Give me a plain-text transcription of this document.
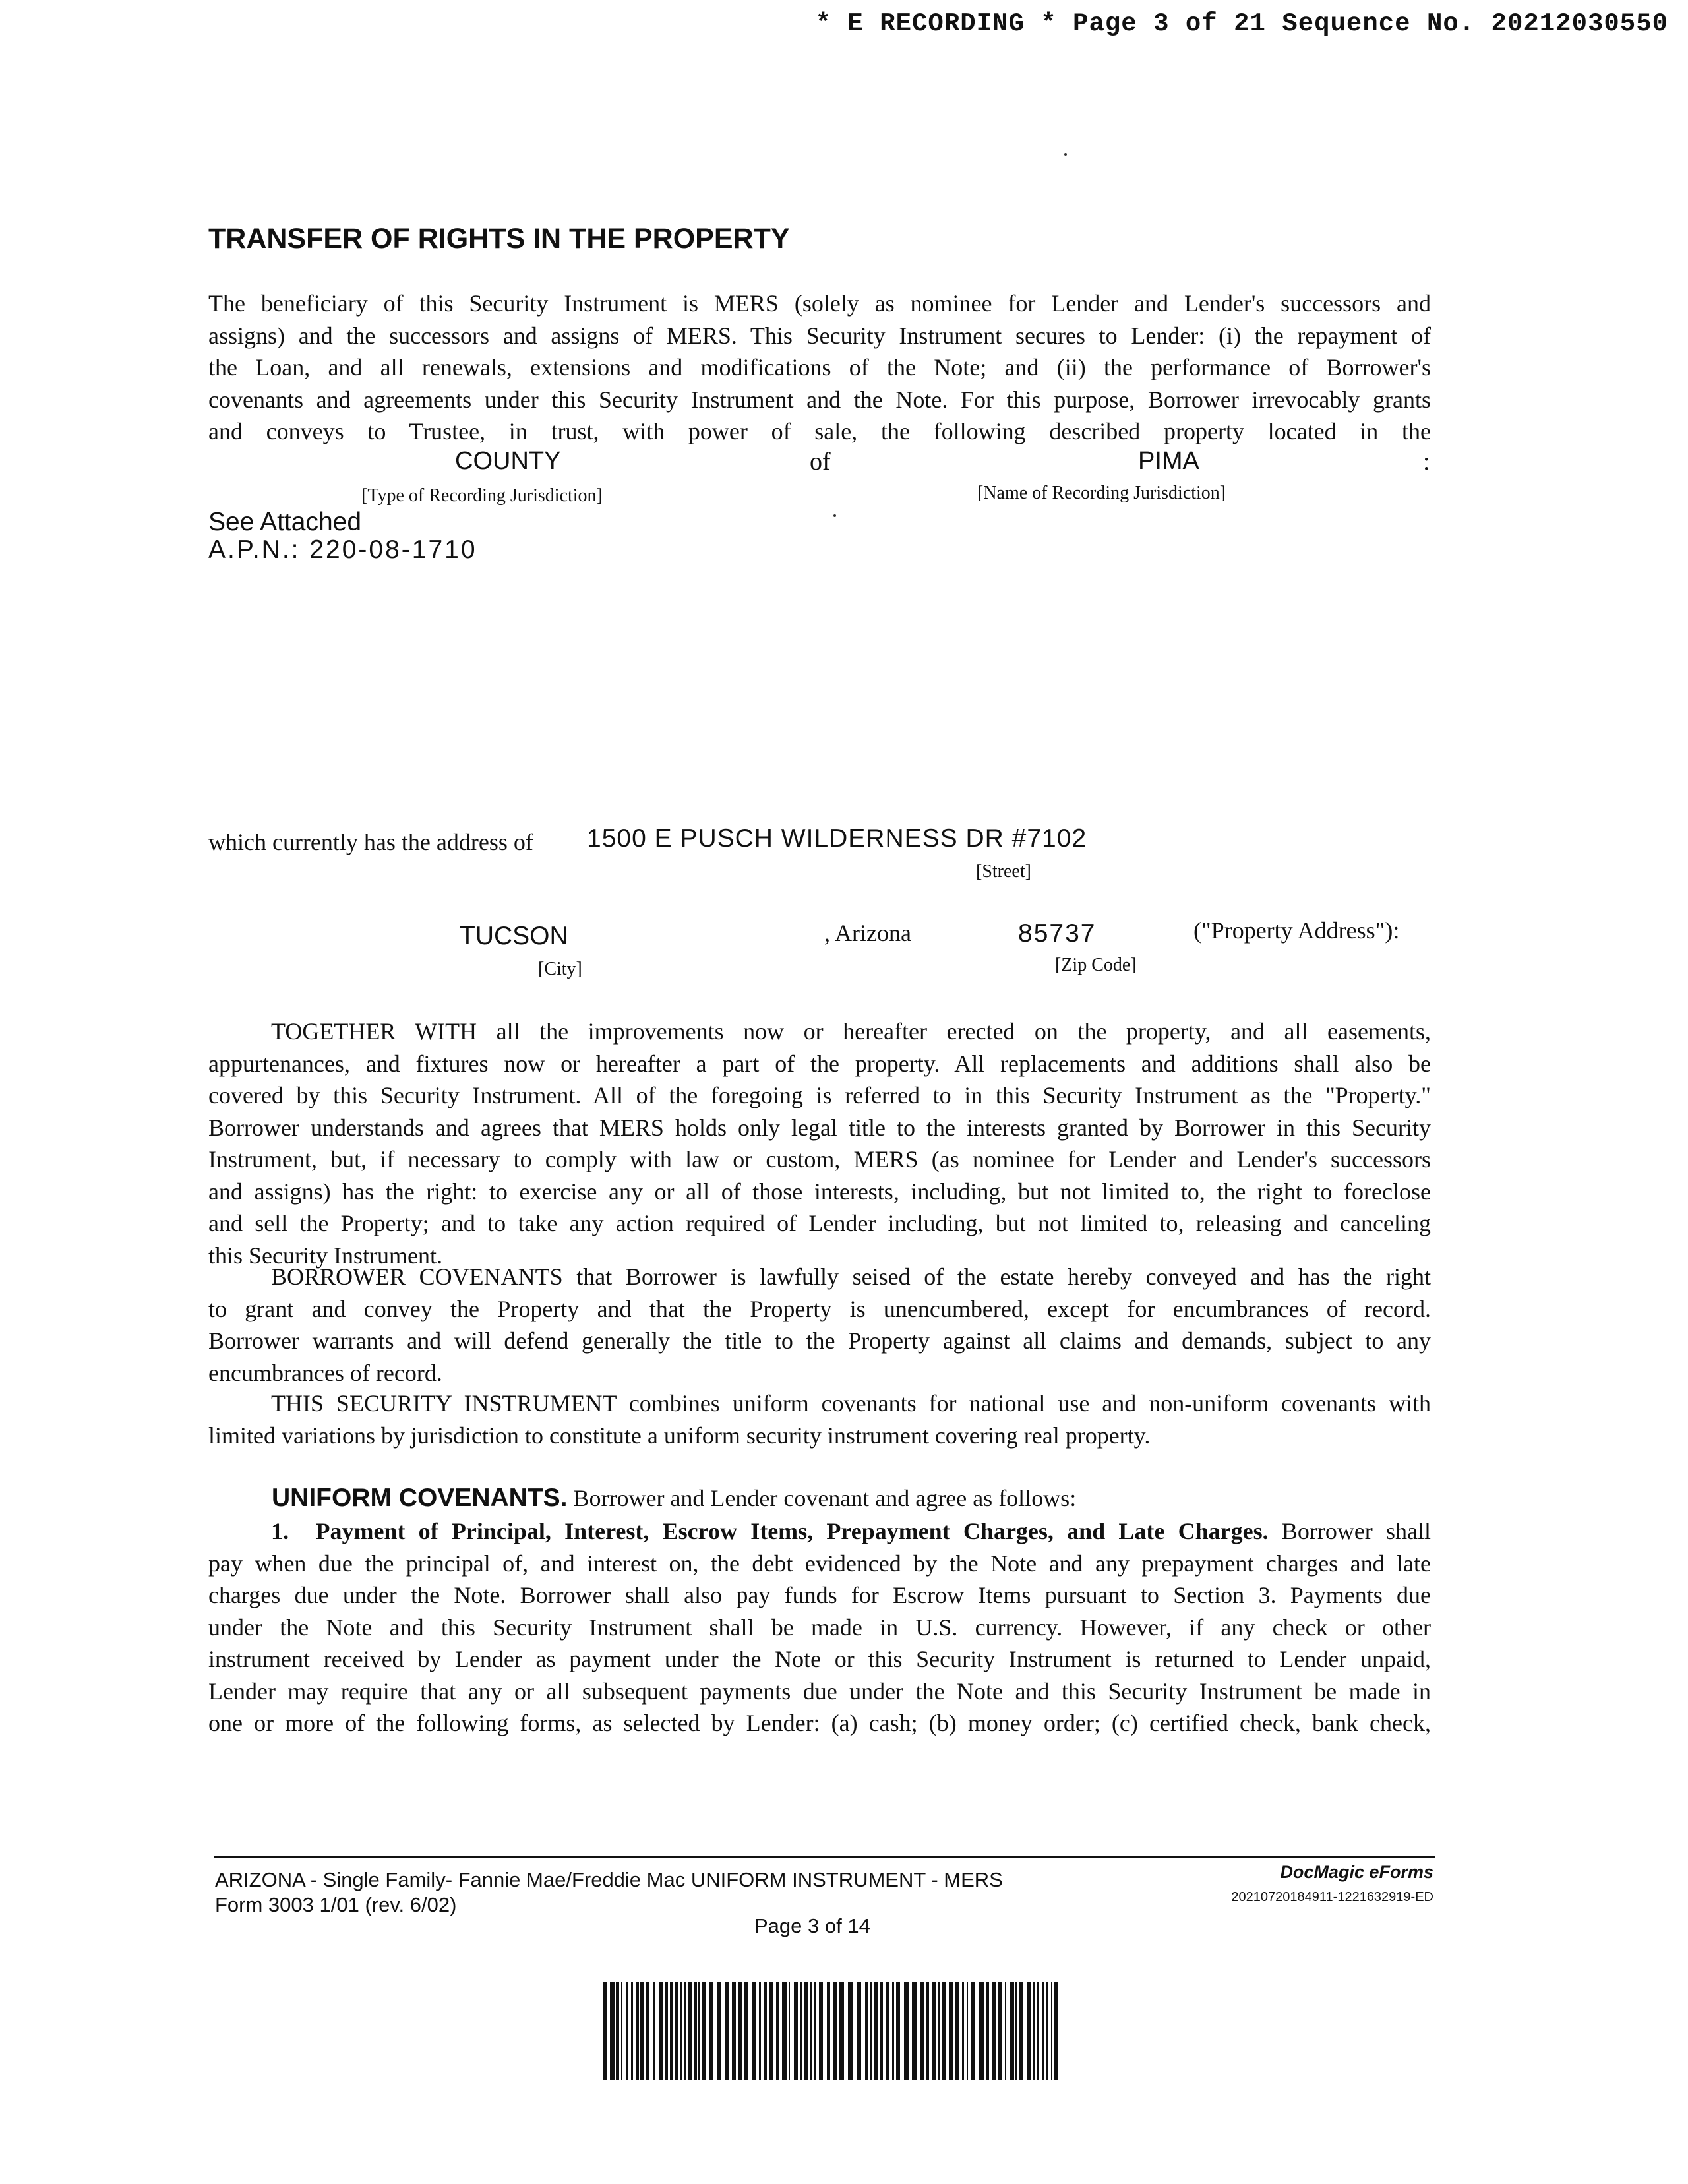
* E RECORDING * Page 3 of 21 Sequence No. 20212030550
TRANSFER OF RIGHTS IN THE PROPERTY
The beneficiary of this Security Instrument is MERS (solely as nominee for Lender and Lender's successors and
assigns) and the successors and assigns of MERS. This Security Instrument secures to Lender: (i) the repayment of
the Loan, and all renewals, extensions and modifications of the Note; and (ii) the performance of Borrower's
covenants and agreements under this Security Instrument and the Note. For this purpose, Borrower irrevocably grants
and conveys to Trustee, in trust, with power of sale, the following described property located in the
COUNTY	of	PIMA	:
[Type of Recording Jurisdiction]	[Name of Recording Jurisdiction]
See Attached
A.P.N.: 220-08-1710
which currently has the address of 1500 E PUSCH WILDERNESS DR #7102
[Street]
TUCSON	, Arizona	85737	("Property Address"):
[City]	[Zip Code]
TOGETHER WITH all the improvements now or hereafter erected on the property, and all easements,
appurtenances, and fixtures now or hereafter a part of the property. All replacements and additions shall also be
covered by this Security Instrument. All of the foregoing is referred to in this Security Instrument as the "Property."
Borrower understands and agrees that MERS holds only legal title to the interests granted by Borrower in this Security
Instrument, but, if necessary to comply with law or custom, MERS (as nominee for Lender and Lender's successors
and assigns) has the right: to exercise any or all of those interests, including, but not limited to, the right to foreclose
and sell the Property; and to take any action required of Lender including, but not limited to, releasing and canceling
this Security Instrument.
BORROWER COVENANTS that Borrower is lawfully seised of the estate hereby conveyed and has the right
to grant and convey the Property and that the Property is unencumbered, except for encumbrances of record.
Borrower warrants and will defend generally the title to the Property against all claims and demands, subject to any
encumbrances of record.
THIS SECURITY INSTRUMENT combines uniform covenants for national use and non-uniform covenants with
limited variations by jurisdiction to constitute a uniform security instrument covering real property.
UNIFORM COVENANTS. Borrower and Lender covenant and agree as follows:
1. Payment of Principal, Interest, Escrow Items, Prepayment Charges, and Late Charges. Borrower shall
pay when due the principal of, and interest on, the debt evidenced by the Note and any prepayment charges and late
charges due under the Note. Borrower shall also pay funds for Escrow Items pursuant to Section 3. Payments due
under the Note and this Security Instrument shall be made in U.S. currency. However, if any check or other
instrument received by Lender as payment under the Note or this Security Instrument is returned to Lender unpaid,
Lender may require that any or all subsequent payments due under the Note and this Security Instrument be made in
one or more of the following forms, as selected by Lender: (a) cash; (b) money order; (c) certified check, bank check,
ARIZONA - Single Family- Fannie Mae/Freddie Mac UNIFORM INSTRUMENT - MERS
Form 3003 1/01 (rev. 6/02)
Page 3 of 14
DocMagic eForms
20210720184911-1221632919-ED
